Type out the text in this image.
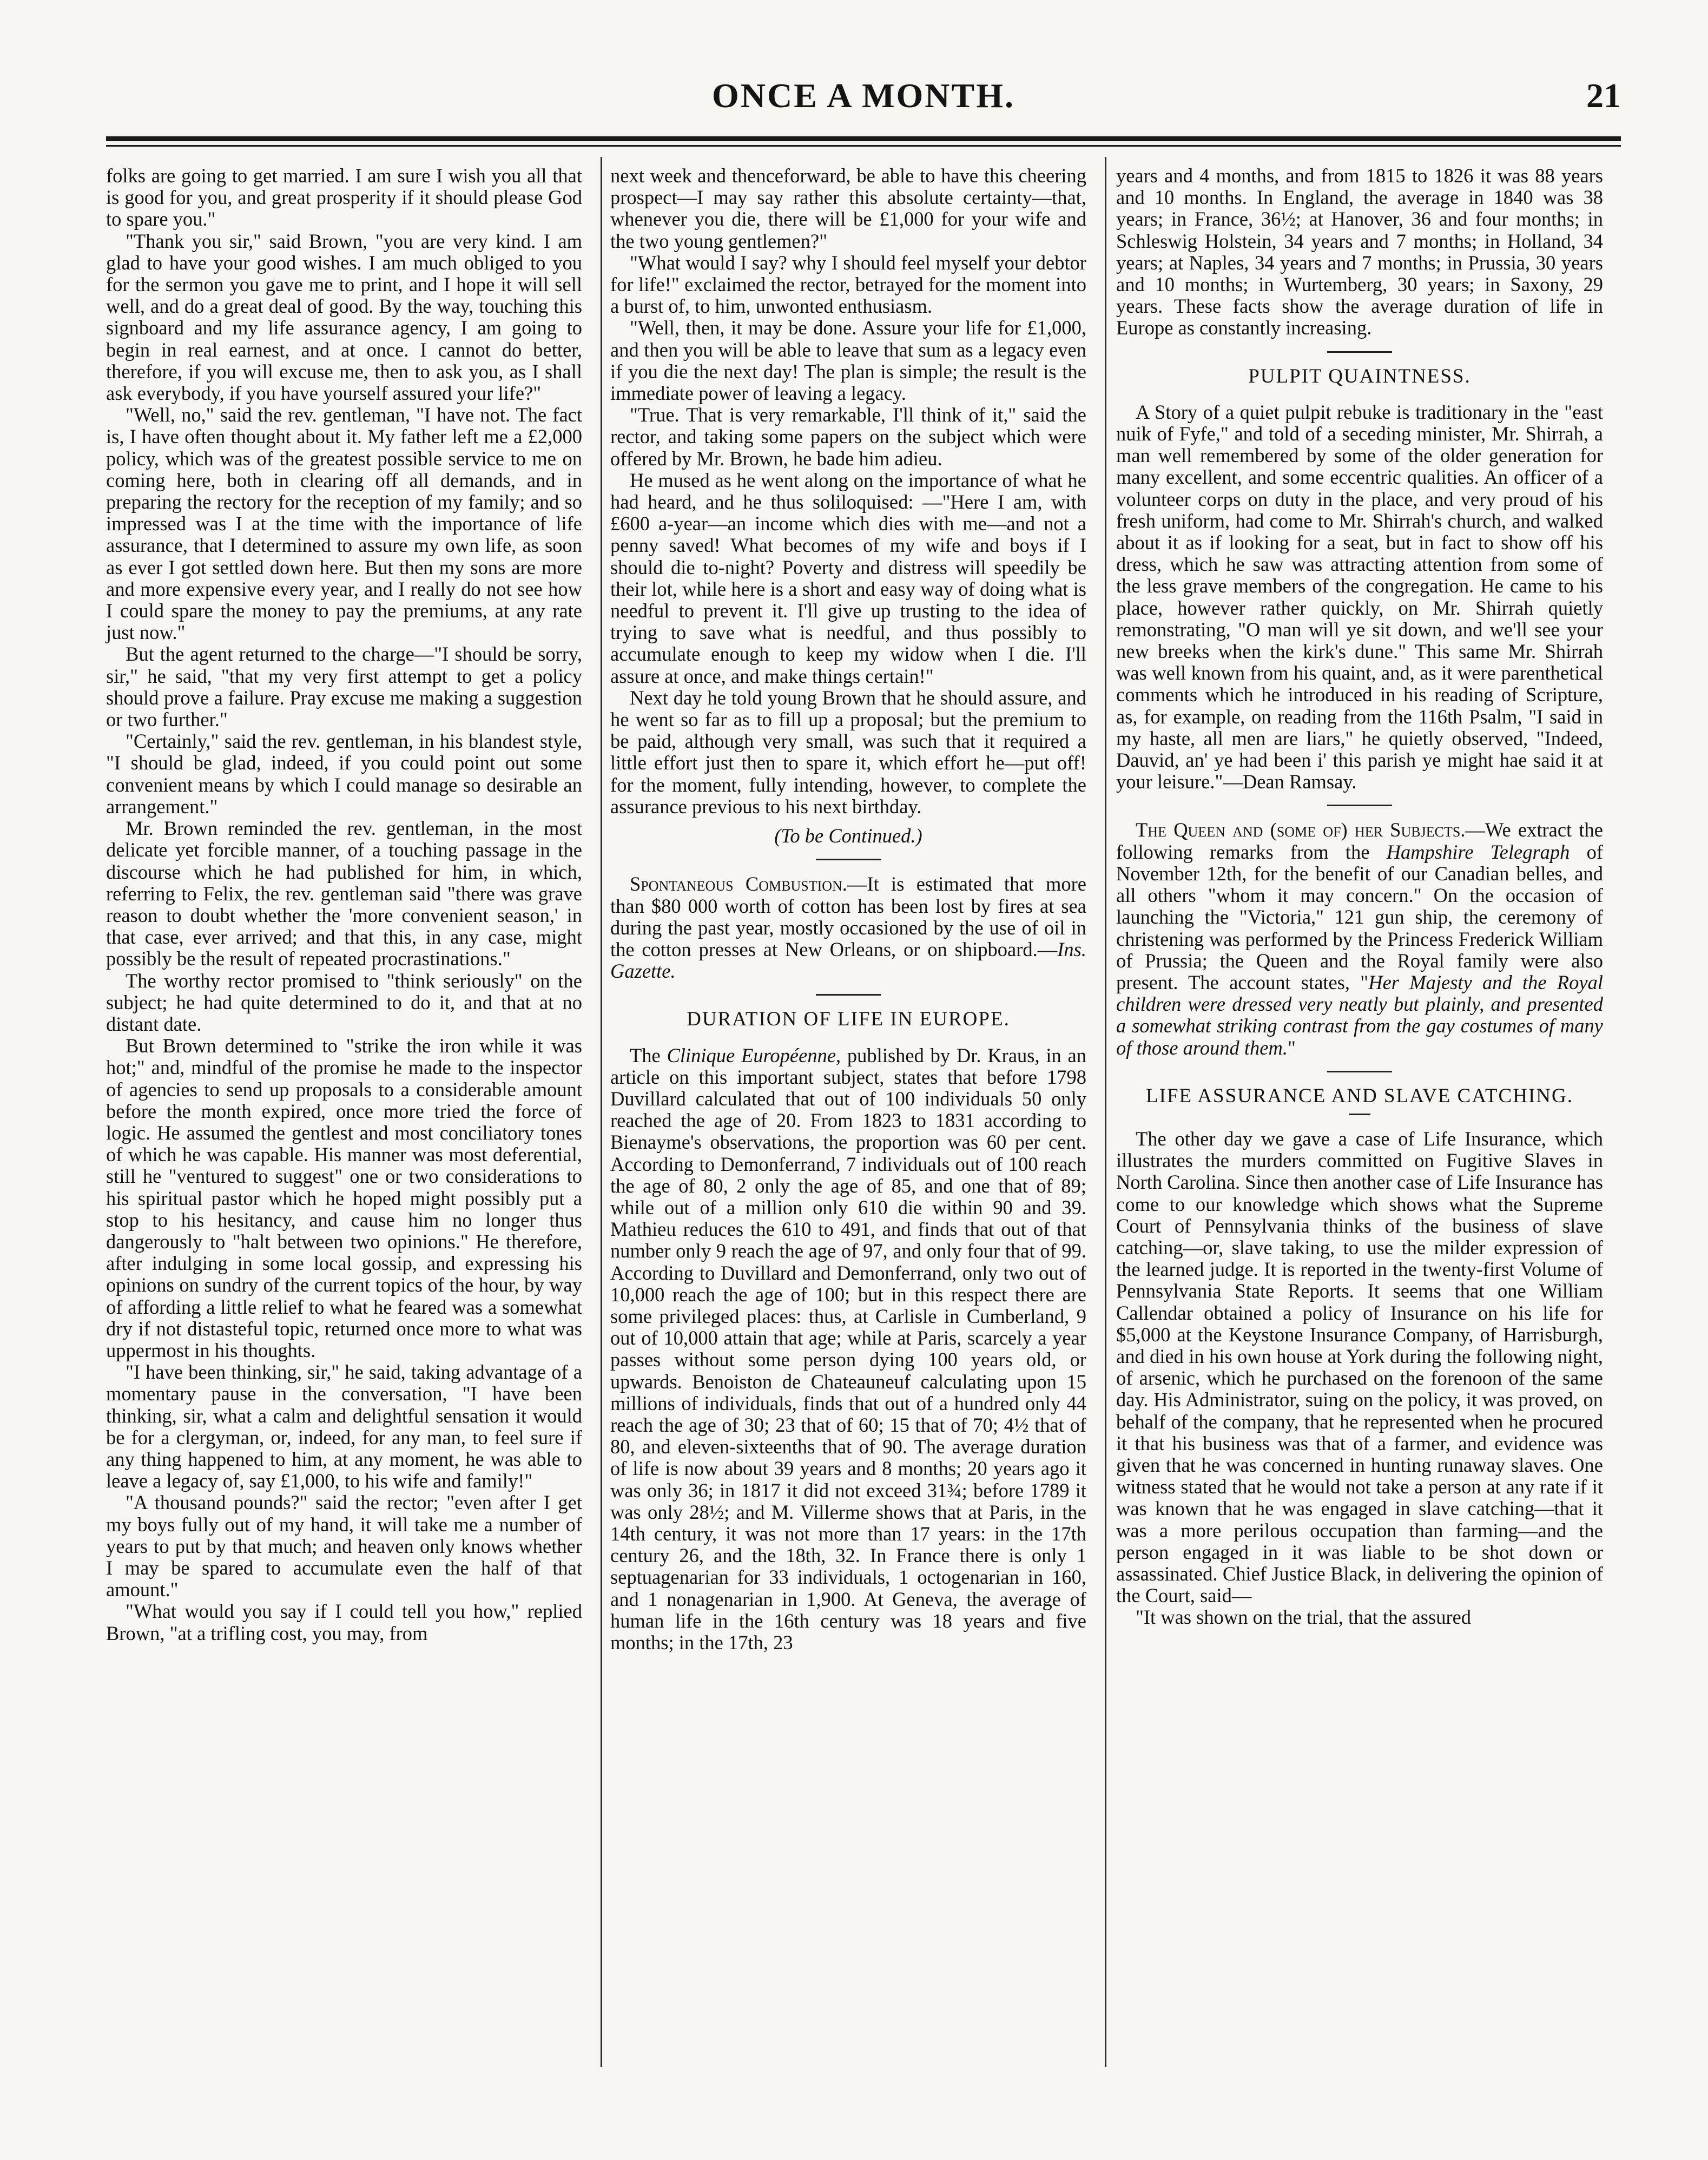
ONCE A MONTH.	21

folks are going to get married. I am sure I wish you all that is good for you, and great prosperity if it should please God to spare you."

"Thank you sir," said Brown, "you are very kind. I am glad to have your good wishes. I am much obliged to you for the sermon you gave me to print, and I hope it will sell well, and do a great deal of good. By the way, touching this signboard and my life assurance agency, I am going to begin in real earnest, and at once. I cannot do better, therefore, if you will excuse me, then to ask you, as I shall ask everybody, if you have yourself assured your life?"

"Well, no," said the rev. gentleman, "I have not. The fact is, I have often thought about it. My father left me a £2,000 policy, which was of the greatest possible service to me on coming here, both in clearing off all demands, and in preparing the rectory for the reception of my family; and so impressed was I at the time with the importance of life assurance, that I determined to assure my own life, as soon as ever I got settled down here. But then my sons are more and more expensive every year, and I really do not see how I could spare the money to pay the premiums, at any rate just now."

But the agent returned to the charge—"I should be sorry, sir," he said, "that my very first attempt to get a policy should prove a failure. Pray excuse me making a suggestion or two further."

"Certainly," said the rev. gentleman, in his blandest style, "I should be glad, indeed, if you could point out some convenient means by which I could manage so desirable an arrangement."

Mr. Brown reminded the rev. gentleman, in the most delicate yet forcible manner, of a touching passage in the discourse which he had published for him, in which, referring to Felix, the rev. gentleman said "there was grave reason to doubt whether the 'more convenient season,' in that case, ever arrived; and that this, in any case, might possibly be the result of repeated procrastinations."

The worthy rector promised to "think seriously" on the subject; he had quite determined to do it, and that at no distant date.

But Brown determined to "strike the iron while it was hot;" and, mindful of the promise he made to the inspector of agencies to send up proposals to a considerable amount before the month expired, once more tried the force of logic. He assumed the gentlest and most conciliatory tones of which he was capable. His manner was most deferential, still he "ventured to suggest" one or two considerations to his spiritual pastor which he hoped might possibly put a stop to his hesitancy, and cause him no longer thus dangerously to "halt between two opinions." He therefore, after indulging in some local gossip, and expressing his opinions on sundry of the current topics of the hour, by way of affording a little relief to what he feared was a somewhat dry if not distasteful topic, returned once more to what was uppermost in his thoughts.

"I have been thinking, sir," he said, taking advantage of a momentary pause in the conversation, "I have been thinking, sir, what a calm and delightful sensation it would be for a clergyman, or, indeed, for any man, to feel sure if any thing happened to him, at any moment, he was able to leave a legacy of, say £1,000, to his wife and family!"

"A thousand pounds?" said the rector; "even after I get my boys fully out of my hand, it will take me a number of years to put by that much; and heaven only knows whether I may be spared to accumulate even the half of that amount."

"What would you say if I could tell you how," replied Brown, "at a trifling cost, you may, from

next week and thenceforward, be able to have this cheering prospect—I may say rather this absolute certainty—that, whenever you die, there will be £1,000 for your wife and the two young gentlemen?"

"What would I say? why I should feel myself your debtor for life!" exclaimed the rector, betrayed for the moment into a burst of, to him, unwonted enthusiasm.

"Well, then, it may be done. Assure your life for £1,000, and then you will be able to leave that sum as a legacy even if you die the next day! The plan is simple; the result is the immediate power of leaving a legacy.

"True. That is very remarkable, I'll think of it," said the rector, and taking some papers on the subject which were offered by Mr. Brown, he bade him adieu.

He mused as he went along on the importance of what he had heard, and he thus soliloquised: —"Here I am, with £600 a-year—an income which dies with me—and not a penny saved! What becomes of my wife and boys if I should die to-night? Poverty and distress will speedily be their lot, while here is a short and easy way of doing what is needful to prevent it. I'll give up trusting to the idea of trying to save what is needful, and thus possibly to accumulate enough to keep my widow when I die. I'll assure at once, and make things certain!"

Next day he told young Brown that he should assure, and he went so far as to fill up a proposal; but the premium to be paid, although very small, was such that it required a little effort just then to spare it, which effort he—put off! for the moment, fully intending, however, to complete the assurance previous to his next birthday.

(To be Continued.)

Spontaneous Combustion.—It is estimated that more than $80 000 worth of cotton has been lost by fires at sea during the past year, mostly occasioned by the use of oil in the cotton presses at New Orleans, or on shipboard.—Ins. Gazette.

DURATION OF LIFE IN EUROPE.

The Clinique Européenne, published by Dr. Kraus, in an article on this important subject, states that before 1798 Duvillard calculated that out of 100 individuals 50 only reached the age of 20. From 1823 to 1831 according to Bienayme's observations, the proportion was 60 per cent. According to Demonferrand, 7 individuals out of 100 reach the age of 80, 2 only the age of 85, and one that of 89; while out of a million only 610 die within 90 and 39. Mathieu reduces the 610 to 491, and finds that out of that number only 9 reach the age of 97, and only four that of 99. According to Duvillard and Demonferrand, only two out of 10,000 reach the age of 100; but in this respect there are some privileged places: thus, at Carlisle in Cumberland, 9 out of 10,000 attain that age; while at Paris, scarcely a year passes without some person dying 100 years old, or upwards. Benoiston de Chateauneuf calculating upon 15 millions of individuals, finds that out of a hundred only 44 reach the age of 30; 23 that of 60; 15 that of 70; 4½ that of 80, and eleven-sixteenths that of 90. The average duration of life is now about 39 years and 8 months; 20 years ago it was only 36; in 1817 it did not exceed 31¾; before 1789 it was only 28½; and M. Villerme shows that at Paris, in the 14th century, it was not more than 17 years: in the 17th century 26, and the 18th, 32. In France there is only 1 septuagenarian for 33 individuals, 1 octogenarian in 160, and 1 nonagenarian in 1,900. At Geneva, the average of human life in the 16th century was 18 years and five months; in the 17th, 23

years and 4 months, and from 1815 to 1826 it was 88 years and 10 months. In England, the average in 1840 was 38 years; in France, 36½; at Hanover, 36 and four months; in Schleswig Holstein, 34 years and 7 months; in Holland, 34 years; at Naples, 34 years and 7 months; in Prussia, 30 years and 10 months; in Wurtemberg, 30 years; in Saxony, 29 years. These facts show the average duration of life in Europe as constantly increasing.

PULPIT QUAINTNESS.

A Story of a quiet pulpit rebuke is traditionary in the "east nuik of Fyfe," and told of a seceding minister, Mr. Shirrah, a man well remembered by some of the older generation for many excellent, and some eccentric qualities. An officer of a volunteer corps on duty in the place, and very proud of his fresh uniform, had come to Mr. Shirrah's church, and walked about it as if looking for a seat, but in fact to show off his dress, which he saw was attracting attention from some of the less grave members of the congregation. He came to his place, however rather quickly, on Mr. Shirrah quietly remonstrating, "O man will ye sit down, and we'll see your new breeks when the kirk's dune." This same Mr. Shirrah was well known from his quaint, and, as it were parenthetical comments which he introduced in his reading of Scripture, as, for example, on reading from the 116th Psalm, "I said in my haste, all men are liars," he quietly observed, "Indeed, Dauvid, an' ye had been i' this parish ye might hae said it at your leisure."—Dean Ramsay.

The Queen and (some of) her Subjects.—We extract the following remarks from the Hampshire Telegraph of November 12th, for the benefit of our Canadian belles, and all others "whom it may concern." On the occasion of launching the "Victoria," 121 gun ship, the ceremony of christening was performed by the Princess Frederick William of Prussia; the Queen and the Royal family were also present. The account states, "Her Majesty and the Royal children were dressed very neatly but plainly, and presented a somewhat striking contrast from the gay costumes of many of those around them."

LIFE ASSURANCE AND SLAVE CATCHING.

The other day we gave a case of Life Insurance, which illustrates the murders committed on Fugitive Slaves in North Carolina. Since then another case of Life Insurance has come to our knowledge which shows what the Supreme Court of Pennsylvania thinks of the business of slave catching—or, slave taking, to use the milder expression of the learned judge. It is reported in the twenty-first Volume of Pennsylvania State Reports. It seems that one William Callendar obtained a policy of Insurance on his life for $5,000 at the Keystone Insurance Company, of Harrisburgh, and died in his own house at York during the following night, of arsenic, which he purchased on the forenoon of the same day. His Administrator, suing on the policy, it was proved, on behalf of the company, that he represented when he procured it that his business was that of a farmer, and evidence was given that he was concerned in hunting runaway slaves. One witness stated that he would not take a person at any rate if it was known that he was engaged in slave catching—that it was a more perilous occupation than farming—and the person engaged in it was liable to be shot down or assassinated. Chief Justice Black, in delivering the opinion of the Court, said—

"It was shown on the trial, that the assured
